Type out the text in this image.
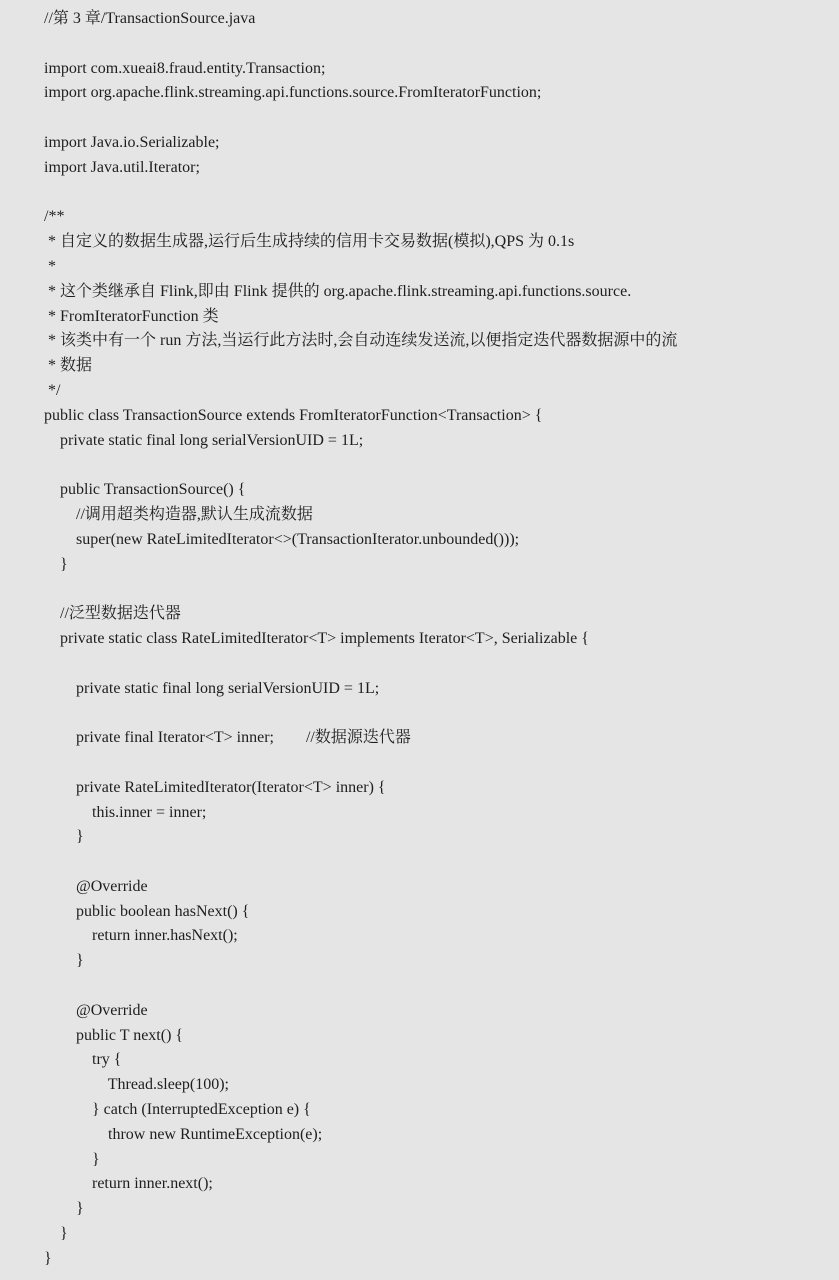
//第 3 章/TransactionSource.java
import com.xueai8.fraud.entity.Transaction;
import org.apache.flink.streaming.api.functions.source.FromIteratorFunction;
import Java.io.Serializable;
import Java.util.Iterator;
/**
* 自定义的数据生成器,运行后生成持续的信用卡交易数据(模拟),QPS 为 0.1s
*
* 这个类继承自 Flink,即由 Flink 提供的 org.apache.flink.streaming.api.functions.source.
* FromIteratorFunction 类
* 该类中有一个 run 方法,当运行此方法时,会自动连续发送流,以便指定迭代器数据源中的流
* 数据
*/
public class TransactionSource extends FromIteratorFunction<Transaction> {
private static final long serialVersionUID = 1L;
public TransactionSource() {
//调用超类构造器,默认生成流数据
super(new RateLimitedIterator<>(TransactionIterator.unbounded()));
}
//泛型数据迭代器
private static class RateLimitedIterator<T> implements Iterator<T>, Serializable {
private static final long serialVersionUID = 1L;
private final Iterator<T> inner;        //数据源迭代器
private RateLimitedIterator(Iterator<T> inner) {
this.inner = inner;
}
@Override
public boolean hasNext() {
return inner.hasNext();
}
@Override
public T next() {
try {
Thread.sleep(100);
} catch (InterruptedException e) {
throw new RuntimeException(e);
}
return inner.next();
}
}
}
